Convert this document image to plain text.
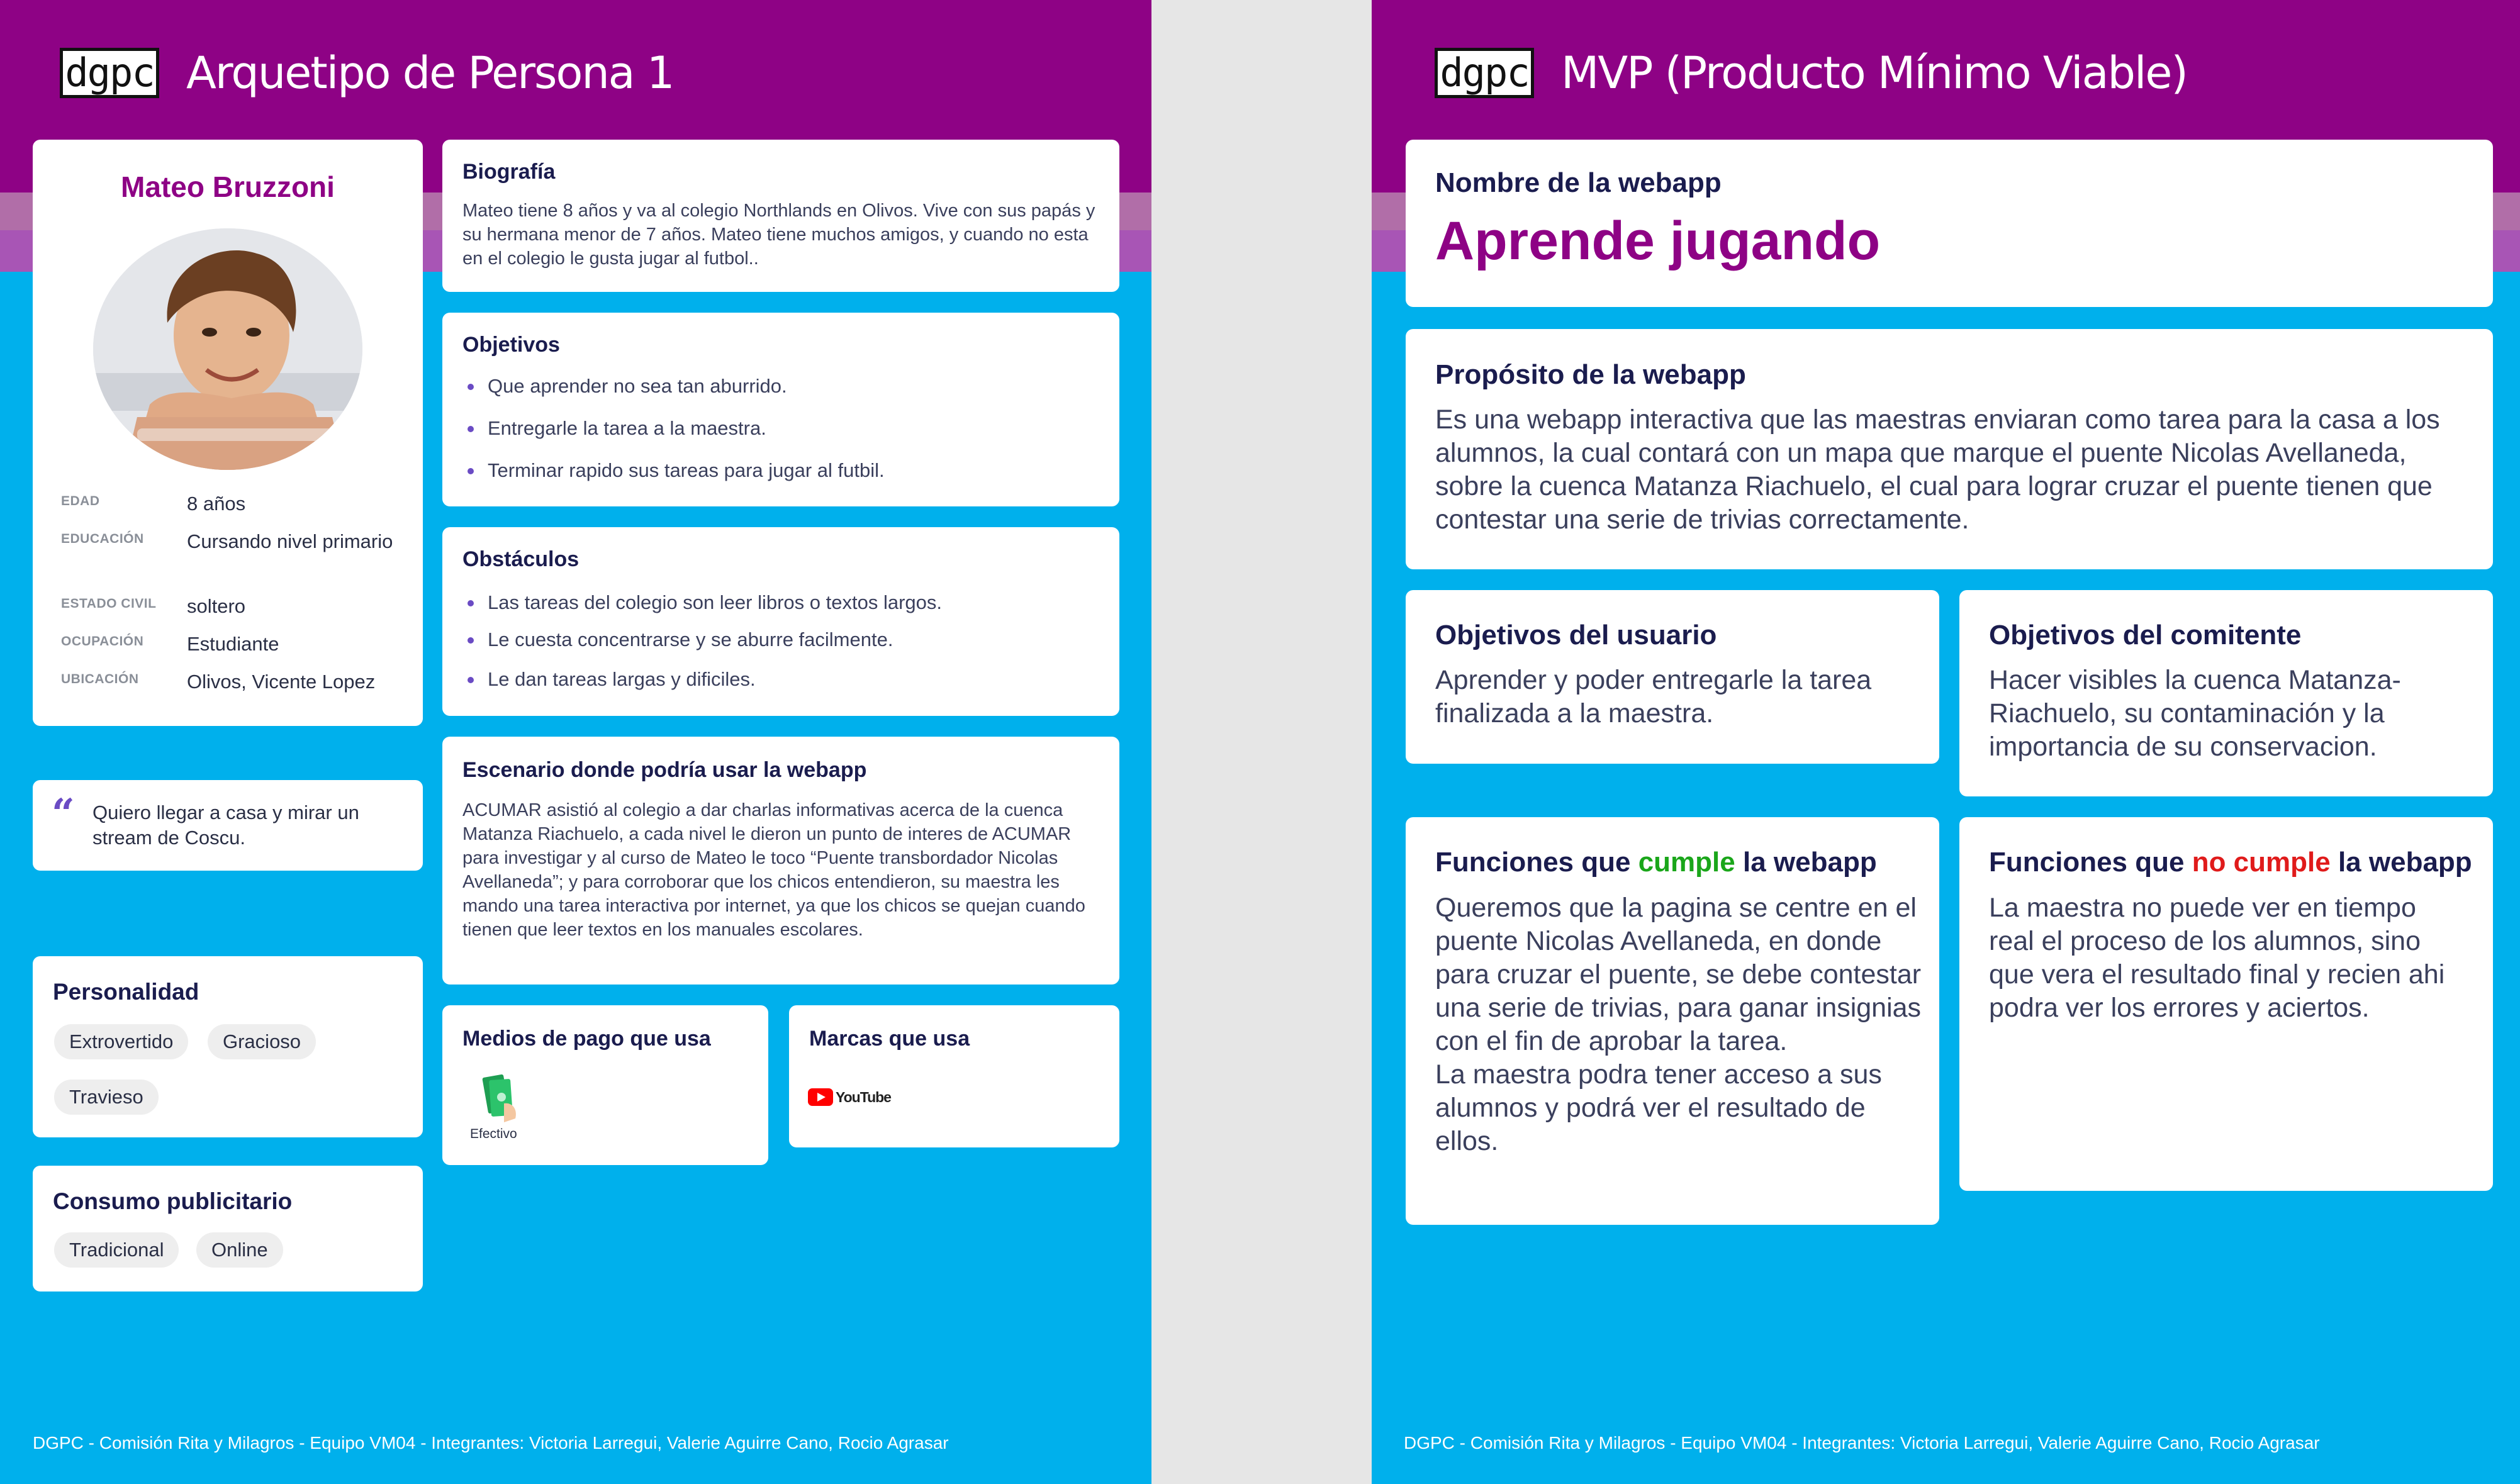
dgpc Arquetipo de Persona 1
Mateo Bruzzoni
EDAD	8 años
EDUCACIÓN Cursando nivel primario
ESTADO CIVIL soltero
OCUPACIÓN Estudiante
UBICACIÓN Olivos, Vicente Lopez
“ Quiero llegar a casa y mirar un stream de Coscu.
Personalidad
Extrovertido	Gracioso
Travieso
Consumo publicitario
Tradicional	Online
Biografía
Mateo tiene 8 años y va al colegio Northlands en Olivos. Vive con sus papás y su hermana menor de 7 años. Mateo tiene muchos amigos, y cuando no esta en el colegio le gusta jugar al futbol..
Objetivos
Que aprender no sea tan aburrido.
Entregarle la tarea a la maestra.
Terminar rapido sus tareas para jugar al futbil.
Obstáculos
Las tareas del colegio son leer libros o textos largos.
Le cuesta concentrarse y se aburre facilmente.
Le dan tareas largas y dificiles.
Escenario donde podría usar la webapp
ACUMAR asistió al colegio a dar charlas informativas acerca de la cuenca Matanza Riachuelo, a cada nivel le dieron un punto de interes de ACUMAR para investigar y al curso de Mateo le toco “Puente transbordador Nicolas Avellaneda”; y para corroborar que los chicos entendieron, su maestra les mando una tarea interactiva por internet, ya que los chicos se quejan cuando tienen que leer textos en los manuales escolares.
Medios de pago que usa
Efectivo
Marcas que usa
YouTube
DGPC - Comisión Rita y Milagros - Equipo VM04 - Integrantes: Victoria Larregui, Valerie Aguirre Cano, Rocio Agrasar
dgpc MVP (Producto Mínimo Viable)
Nombre de la webapp
Aprende jugando
Propósito de la webapp
Es una webapp interactiva que las maestras enviaran como tarea para la casa a los alumnos, la cual contará con un mapa que marque el puente Nicolas Avellaneda, sobre la cuenca Matanza Riachuelo, el cual para lograr cruzar el puente tienen que contestar una serie de trivias correctamente.
Objetivos del usuario
Aprender y poder entregarle la tarea finalizada a la maestra.
Objetivos del comitente
Hacer visibles la cuenca Matanza-Riachuelo, su contaminación y la importancia de su conservacion.
Funciones que cumple la webapp
Queremos que la pagina se centre en el puente Nicolas Avellaneda, en donde para cruzar el puente, se debe contestar una serie de trivias, para ganar insignias con el fin de aprobar la tarea.
La maestra podra tener acceso a sus alumnos y podrá ver el resultado de ellos.
Funciones que no cumple la webapp
La maestra no puede ver en tiempo real el proceso de los alumnos, sino que vera el resultado final y recien ahi podra ver los errores y aciertos.
DGPC - Comisión Rita y Milagros - Equipo VM04 - Integrantes: Victoria Larregui, Valerie Aguirre Cano, Rocio Agrasar
